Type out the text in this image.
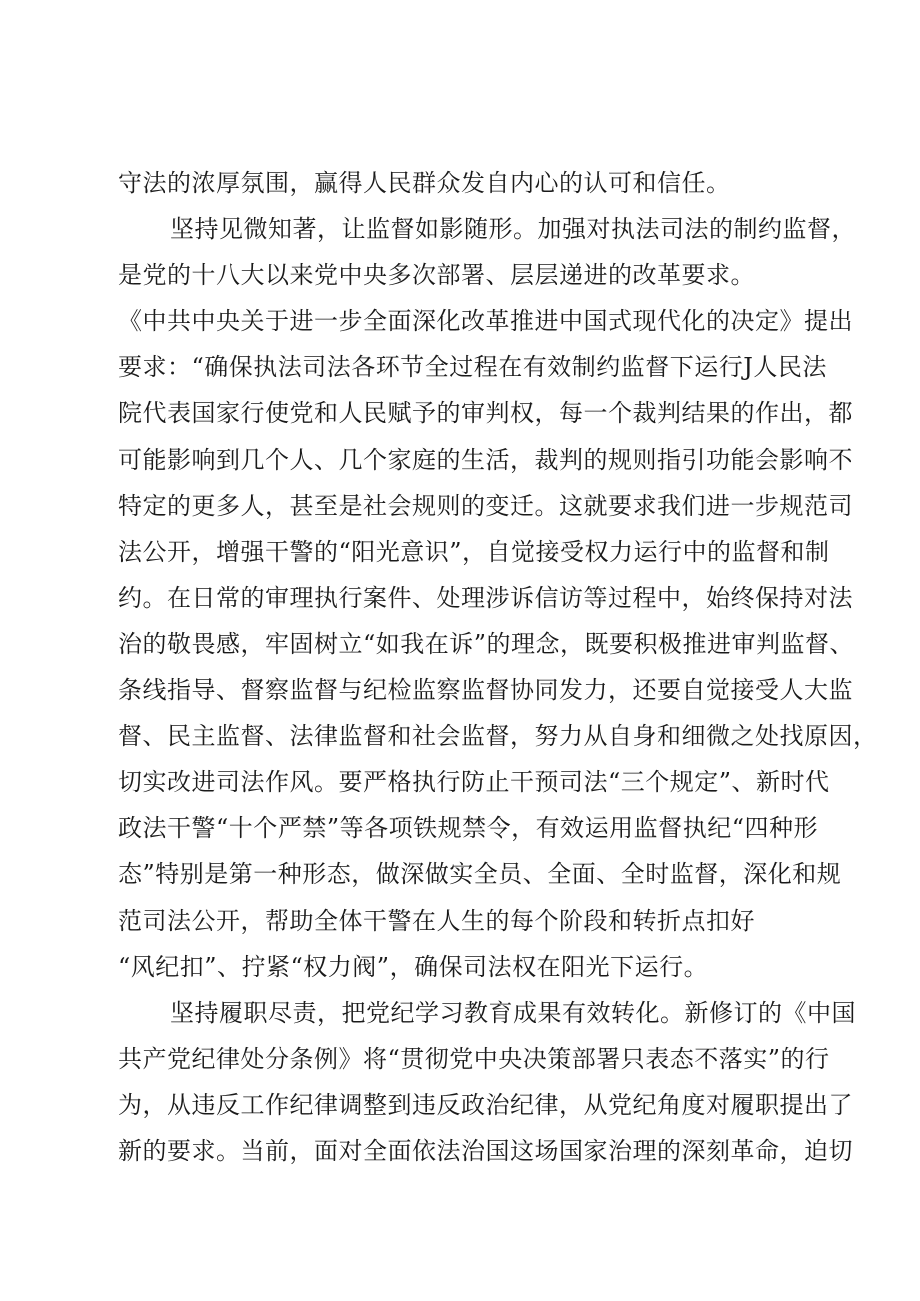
守法的浓厚氛围，赢得人民群众发自内心的认可和信任。
坚持见微知著，让监督如影随形。加强对执法司法的制约监督，
是党的十八大以来党中央多次部署、层层递进的改革要求。
《中共中央关于进一步全面深化改革推进中国式现代化的决定》提出
要求：“确保执法司法各环节全过程在有效制约监督下运行J人民法
院代表国家行使党和人民赋予的审判权，每一个裁判结果的作出，都
可能影响到几个人、几个家庭的生活，裁判的规则指引功能会影响不
特定的更多人，甚至是社会规则的变迁。这就要求我们进一步规范司
法公开，增强干警的“阳光意识”，自觉接受权力运行中的监督和制
约。在日常的审理执行案件、处理涉诉信访等过程中，始终保持对法
治的敬畏感，牢固树立“如我在诉”的理念，既要积极推进审判监督、
条线指导、督察监督与纪检监察监督协同发力，还要自觉接受人大监
督、民主监督、法律监督和社会监督，努力从自身和细微之处找原因，
切实改进司法作风。要严格执行防止干预司法“三个规定”、新时代
政法干警“十个严禁”等各项铁规禁令，有效运用监督执纪“四种形
态”特别是第一种形态，做深做实全员、全面、全时监督，深化和规
范司法公开，帮助全体干警在人生的每个阶段和转折点扣好
“风纪扣”、拧紧“权力阀”，确保司法权在阳光下运行。
坚持履职尽责，把党纪学习教育成果有效转化。新修订的《中国
共产党纪律处分条例》将“贯彻党中央决策部署只表态不落实”的行
为，从违反工作纪律调整到违反政治纪律，从党纪角度对履职提出了
新的要求。当前，面对全面依法治国这场国家治理的深刻革命，迫切
